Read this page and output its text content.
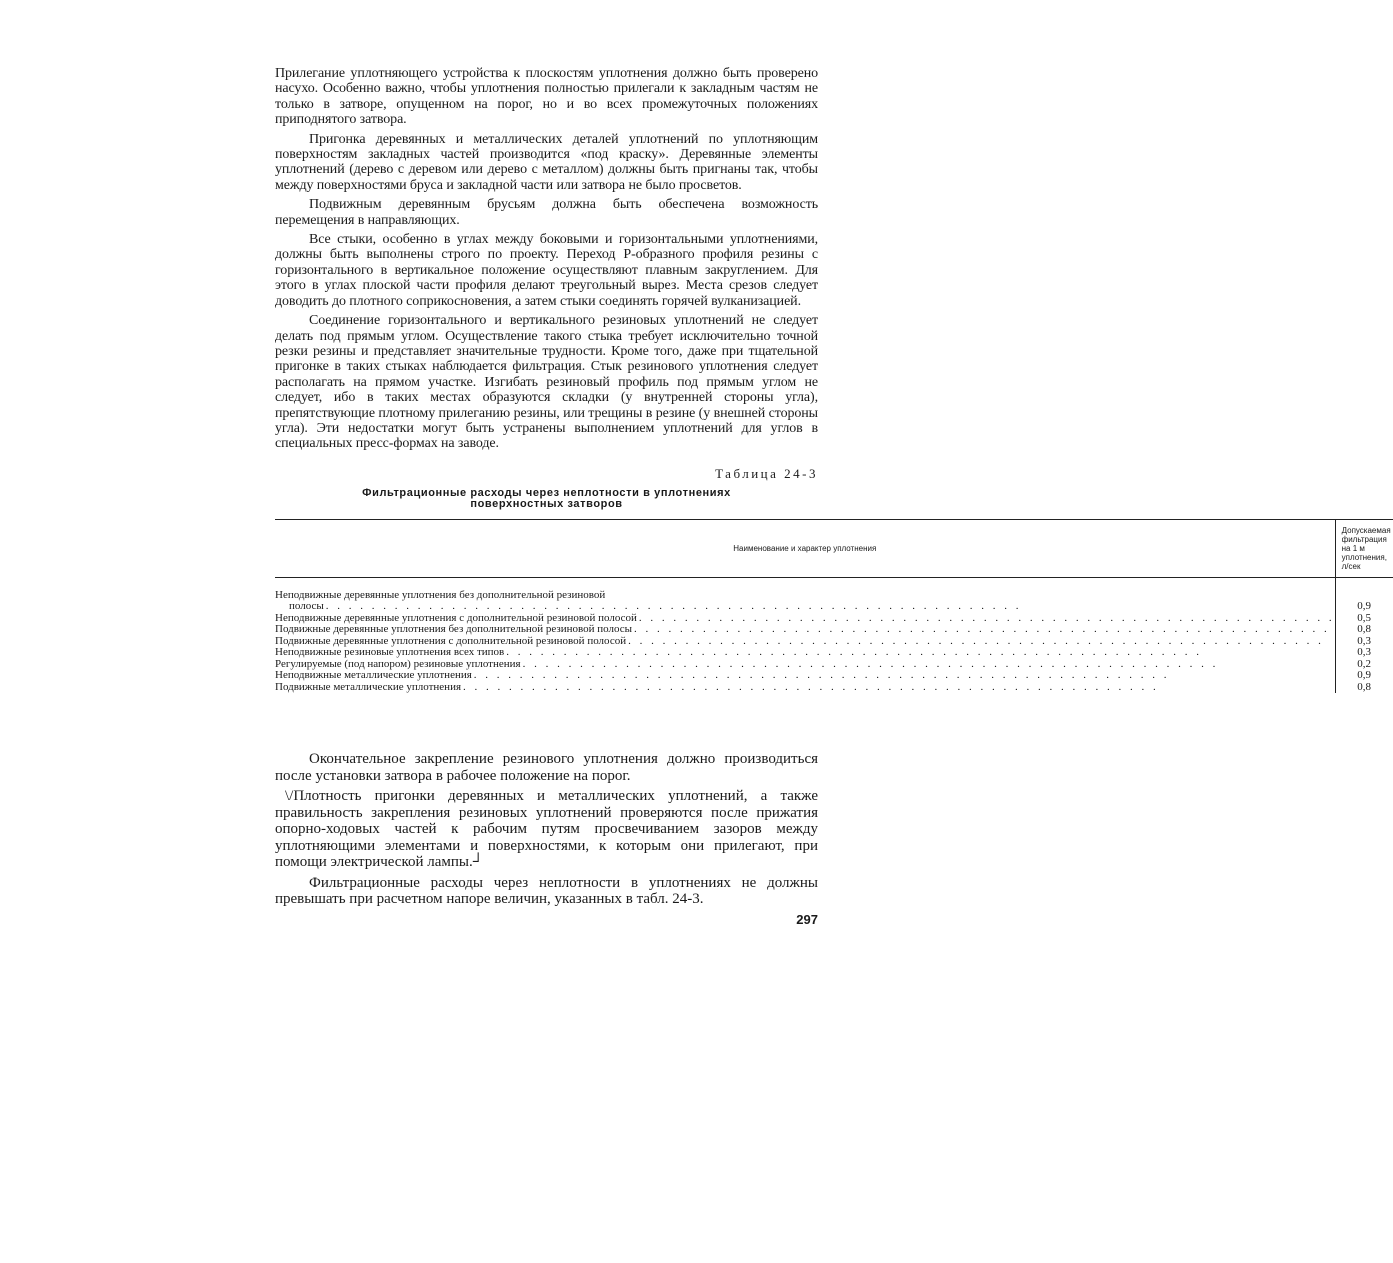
Прилегание уплотняющего устройства к плоскостям уплотнения должно быть проверено насухо. Особенно важно, чтобы уплотнения полностью прилегали к закладным частям не только в затворе, опущенном на порог, но и во всех промежуточных положениях приподнятого затвора.

Пригонка деревянных и металлических деталей уплотнений по уплотняющим поверхностям закладных частей производится «под краску». Деревянные элементы уплотнений (дерево с деревом или дерево с металлом) должны быть пригнаны так, чтобы между поверхностями бруса и закладной части или затвора не было просветов.

Подвижным деревянным брусьям должна быть обеспечена возможность перемещения в направляющих.

Все стыки, особенно в углах между боковыми и горизонтальными уплотнениями, должны быть выполнены строго по проекту. Переход Р-образного профиля резины с горизонтального в вертикальное положение осуществляют плавным закруглением. Для этого в углах плоской части профиля делают треугольный вырез. Места срезов следует доводить до плотного соприкосновения, а затем стыки соединять горячей вулканизацией.

Соединение горизонтального и вертикального резиновых уплотнений не следует делать под прямым углом. Осуществление такого стыка требует исключительно точной резки резины и представляет значительные трудности. Кроме того, даже при тщательной пригонке в таких стыках наблюдается фильтрация. Стык резинового уплотнения следует располагать на прямом участке. Изгибать резиновый профиль под прямым углом не следует, ибо в таких местах образуются складки (у внутренней стороны угла), препятствующие плотному прилеганию резины, или трещины в резине (у внешней стороны угла). Эти недостатки могут быть устранены выполнением уплотнений для углов в специальных пресс-формах на заводе.

Таблица 24-3
Фильтрационные расходы через неплотности в уплотнениях
поверхностных затворов
Наименование и характер уплотнения	Допускаемая фильтрация на 1 м уплотнения, л/сек

Неподвижные деревянные уплотнения без дополнительной резиновой
полосы
. . .	0,9

Неподвижные деревянные уплотнения с дополнительной резиновой полосой
. . .	0,5

Подвижные деревянные уплотнения без дополнительной резиновой полосы
. . .	0,8

Подвижные деревянные уплотнения с дополнительной резиновой полосой
. . .	0,3

Неподвижные резиновые уплотнения всех типов
. . .	0,3

Регулируемые (под напором) резиновые уплотнения
. . .	0,2

Неподвижные металлические уплотнения
. . .	0,9

Подвижные металлические уплотнения
. . .	0,8

Окончательное закрепление резинового уплотнения должно производиться после установки затвора в рабочее положение на порог.

\/Плотность пригонки деревянных и металлических уплотнений, а также правильность закрепления резиновых уплотнений проверяются после прижатия опорно-ходовых частей к рабочим путям просвечиванием зазоров между уплотняющими элементами и поверхностями, к которым они прилегают, при помощи электрической лампы.┘

Фильтрационные расходы через неплотности в уплотнениях не должны превышать при расчетном напоре величин, указанных в табл. 24-3.

297
